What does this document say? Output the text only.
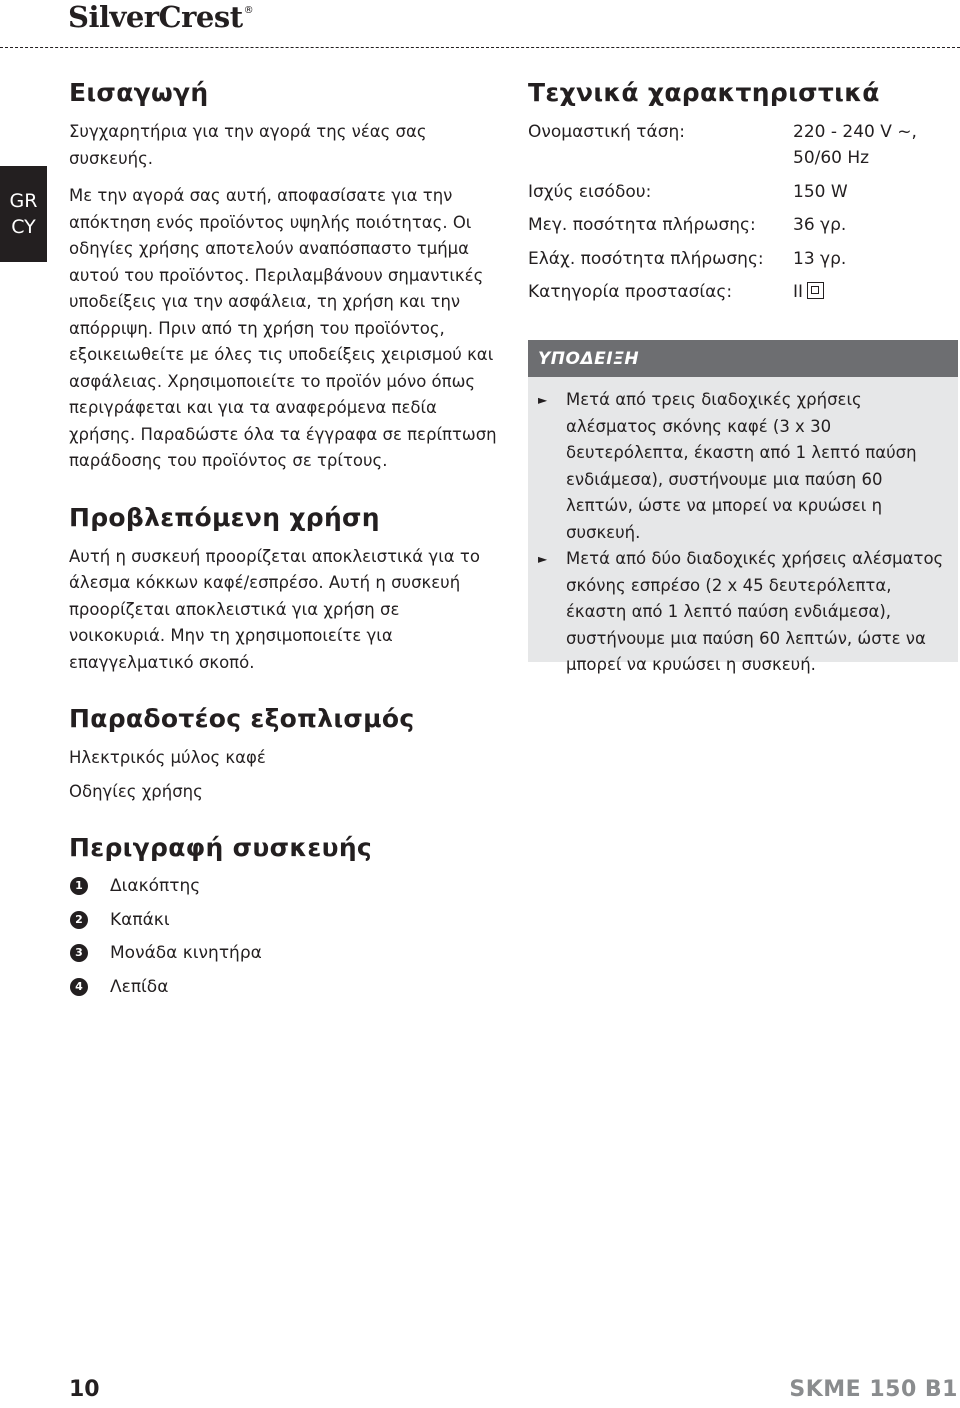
SilverCrest®
GR
CY
Εισαγωγή

Συγχαρητήρια για την αγορά της νέας σας συσκευής.

Με την αγορά σας αυτή, αποφασίσατε για την απόκτηση ενός προϊόντος υψηλής ποιότητας. Οι οδηγίες χρήσης αποτελούν αναπόσπαστο τμήμα αυτού του προϊόντος. Περιλαμβάνουν σημαντικές υποδείξεις για την ασφάλεια, τη χρήση και την απόρριψη. Πριν από τη χρήση του προϊόντος, εξοικειωθείτε με όλες τις υποδείξεις χειρισμού και ασφάλειας. Χρησιμοποιείτε το προϊόν μόνο όπως περιγράφεται και για τα αναφερόμενα πεδία χρήσης. Παραδώστε όλα τα έγγραφα σε περίπτωση παράδοσης του προϊόντος σε τρίτους.

Προβλεπόμενη χρήση

Αυτή η συσκευή προορίζεται αποκλειστικά για το άλεσμα κόκκων καφέ/εσπρέσο. Αυτή η συσκευή προορίζεται αποκλειστικά για χρήση σε νοικοκυριά. Μην τη χρησιμοποιείτε για επαγγελματικό σκοπό.

Παραδοτέος εξοπλισμός

Ηλεκτρικός μύλος καφέ

Οδηγίες χρήσης

Περιγραφή συσκευής
1	Διακόπτης
2	Καπάκι
3	Μονάδα κινητήρα
4	Λεπίδα
Τεχνικά χαρακτηριστικά
Ονομαστική τάση:	220 - 240 V ~,
50/60 Hz
Ισχύς εισόδου:	150 W
Μεγ. ποσότητα πλήρωσης:	36 γρ.
Ελάχ. ποσότητα πλήρωσης:	13 γρ.
Κατηγορία προστασίας:	II
ΥΠΟΔΕΙΞΗ
►	Μετά από τρεις διαδοχικές χρήσεις αλέσματος σκόνης καφέ (3 x 30 δευτερόλεπτα, έκαστη από 1 λεπτό παύση ενδιάμεσα), συστήνουμε μια παύση 60 λεπτών, ώστε να μπορεί να κρυώσει η συσκευή.
►	Μετά από δύο διαδοχικές χρήσεις αλέσματος σκόνης εσπρέσο (2 x 45 δευτερόλεπτα, έκαστη από 1 λεπτό παύση ενδιάμεσα), συστήνουμε μια παύση 60 λεπτών, ώστε να μπορεί να κρυώσει η συσκευή.
10	SKME 150 B1
